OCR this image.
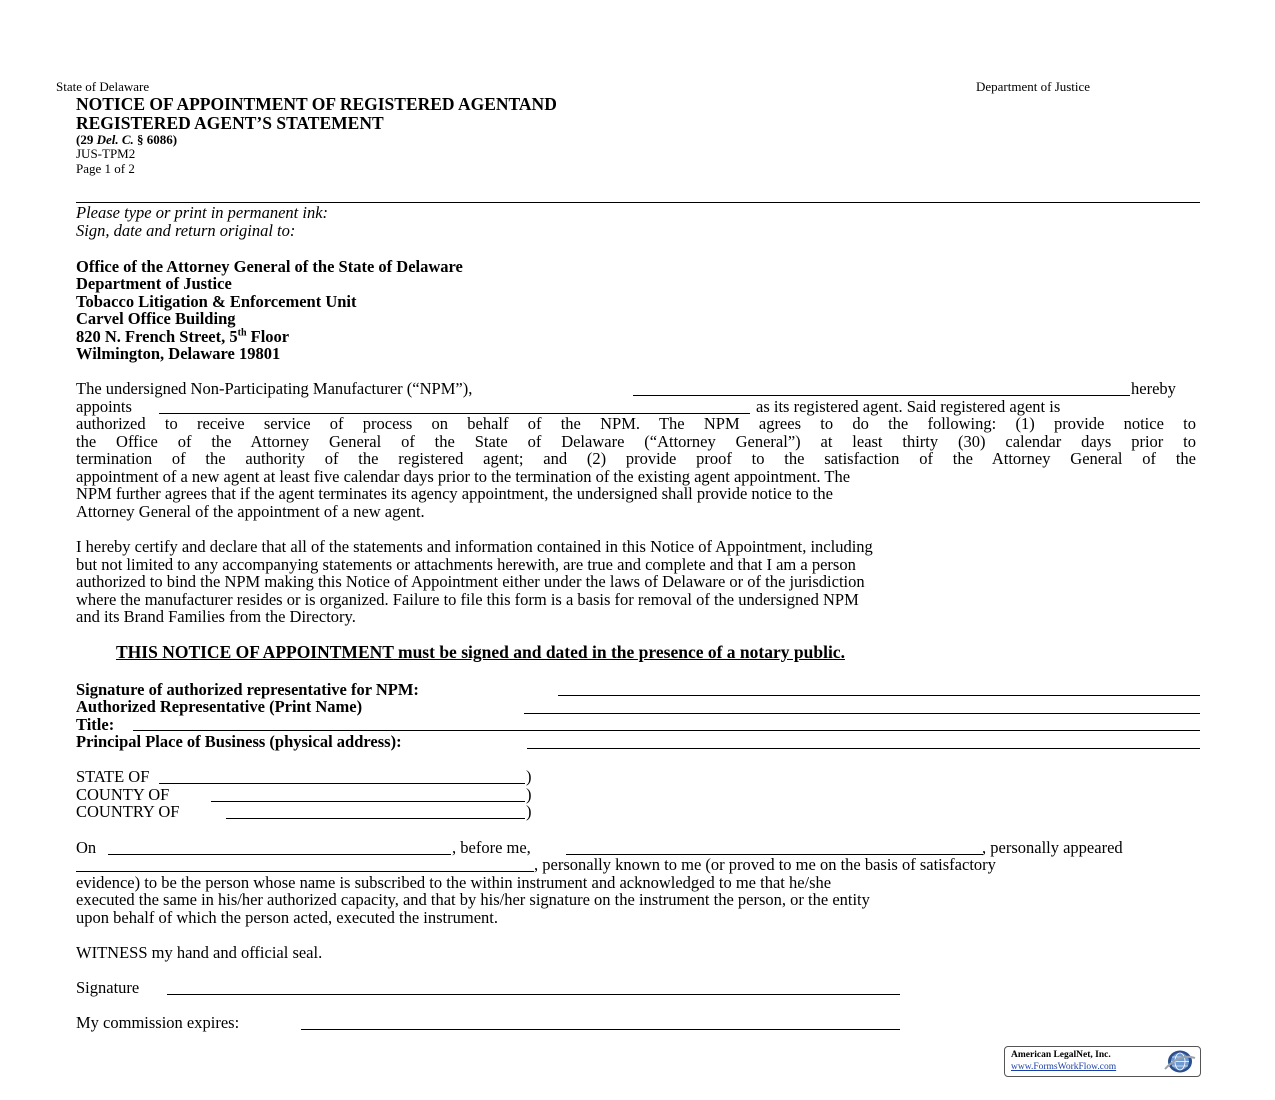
State of Delaware	Department of Justice
NOTICE OF APPOINTMENT OF REGISTERED AGENTAND
REGISTERED AGENT’S STATEMENT
(29 Del. C. § 6086)
JUS-TPM2
Page 1 of 2
Please type or print in permanent ink:
Sign, date and return original to:
Office of the Attorney General of the State of Delaware
Department of Justice
Tobacco Litigation & Enforcement Unit
Carvel Office Building
820 N. French Street, 5th Floor
Wilmington, Delaware 19801
The undersigned Non-Participating Manufacturer (“NPM”),	hereby
appoints	as its registered agent. Said registered agent is
authorized to receive service of process on behalf of the NPM. The NPM agrees to do the following: (1) provide notice to
the Office of the Attorney General of the State of Delaware (“Attorney General”) at least thirty (30) calendar days prior to
termination of the authority of the registered agent; and (2) provide proof to the satisfaction of the Attorney General of the
appointment of a new agent at least five calendar days prior to the termination of the existing agent appointment. The
NPM further agrees that if the agent terminates its agency appointment, the undersigned shall provide notice to the
Attorney General of the appointment of a new agent.
I hereby certify and declare that all of the statements and information contained in this Notice of Appointment, including
but not limited to any accompanying statements or attachments herewith, are true and complete and that I am a person
authorized to bind the NPM making this Notice of Appointment either under the laws of Delaware or of the jurisdiction
where the manufacturer resides or is organized. Failure to file this form is a basis for removal of the undersigned NPM
and its Brand Families from the Directory.
THIS NOTICE OF APPOINTMENT must be signed and dated in the presence of a notary public.
Signature of authorized representative for NPM:
Authorized Representative (Print Name)
Title:
Principal Place of Business (physical address):
STATE OF	)
COUNTY OF	)
COUNTRY OF	)
On	, before me,	, personally appeared
, personally known to me (or proved to me on the basis of satisfactory
evidence) to be the person whose name is subscribed to the within instrument and acknowledged to me that he/she
executed the same in his/her authorized capacity, and that by his/her signature on the instrument the person, or the entity
upon behalf of which the person acted, executed the instrument.
WITNESS my hand and official seal.
Signature
My commission expires:
American LegalNet, Inc.
www.FormsWorkFlow.com
